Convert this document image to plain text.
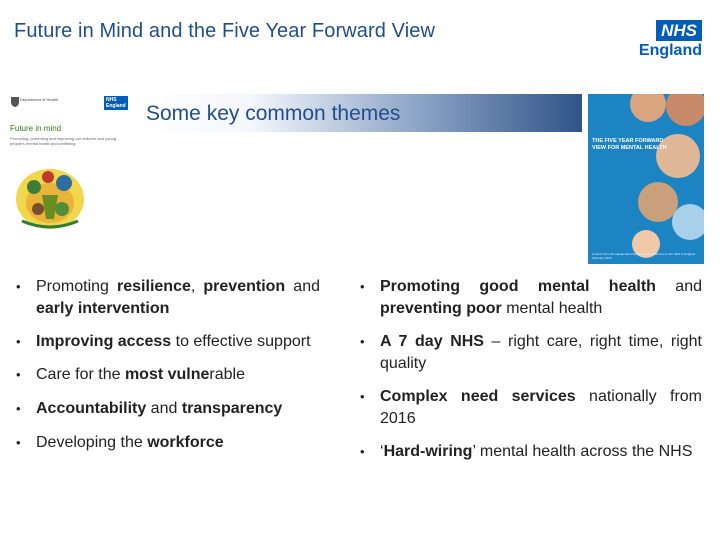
Future in Mind and the Five Year Forward View	NHS
England
Some key common themes
Department of Health	NHS England
Future in mind
Promoting, protecting and improving our children and young people's mental health and wellbeing	THE FIVE YEAR FORWARD VIEW FOR MENTAL HEALTH
A report from the independent Mental Health Taskforce to the NHS in England February 2016
• Promoting resilience, prevention and early intervention
• Improving access to effective support
• Care for the most vulnerable
• Accountability and transparency
• Developing the workforce
• Promoting good mental health and preventing poor mental health
• A 7 day NHS – right care, right time, right quality
• Complex need services nationally from 2016
• ‘Hard-wiring’ mental health across the NHS
